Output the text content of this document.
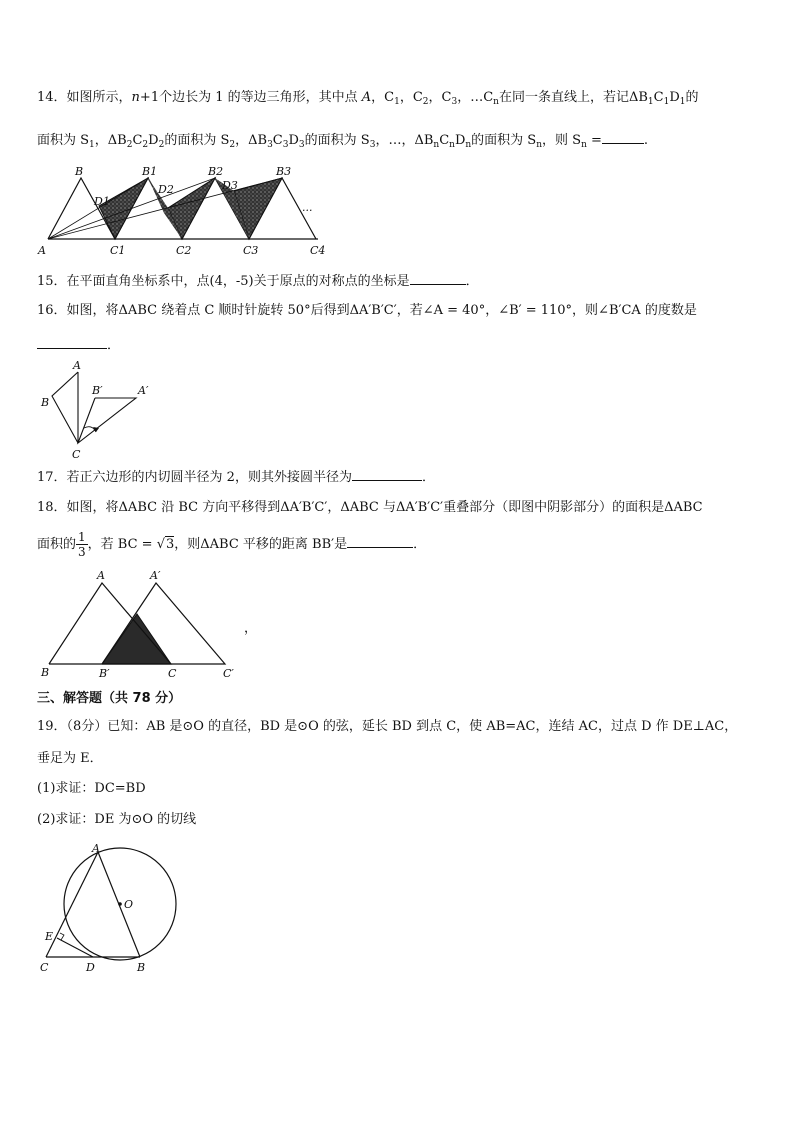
14．如图所示，n+1个边长为 1 的等边三角形，其中点 A，$C_1$，$C_2$，$C_3$，$\dots C_n$在同一条直线上，若记$\Delta B_1C_1D_1$的
面积为 $S_1$，$\Delta B_2C_2D_2$的面积为 $S_2$，$\Delta B_3C_3D_3$的面积为 $S_3$，…，$\Delta B_nC_nD_n$的面积为 $S_n$，则 $S_n$ =	.
B	B1	B2	B3
D1
D2	D3
A	C1	C2	C3	C4
...
15．在平面直角坐标系中，点(4，-5)关于原点的对称点的坐标是	．
16．如图，将ΔABC 绕着点 C 顺时针旋转 50°后得到ΔA′B′C′，若∠A = 40°，∠B′ = 110°，则∠B′CA 的度数是
．
A
B
B′	A′
C
17．若正六边形的内切圆半径为 2，则其外接圆半径为	．
18．如图，将ΔABC 沿 BC 方向平移得到ΔA′B′C′，ΔABC 与ΔA′B′C′重叠部分（即图中阴影部分）的面积是ΔABC
面积的 $\frac{1}{3}$ ，若 BC = √3，则ΔABC 平移的距离 BB′是	．
A	A′
B	B′	C	C′
，
三、解答题（共 78 分）
19．（8分）已知：AB 是⊙O 的直径，BD 是⊙O 的弦，延长 BD 到点 C，使 AB=AC，连结 AC，过点 D 作 DE⊥AC，
垂足为 E．
(1)求证：DC=BD
(2)求证：DE 为⊙O 的切线
A
O
E
C	D	B
